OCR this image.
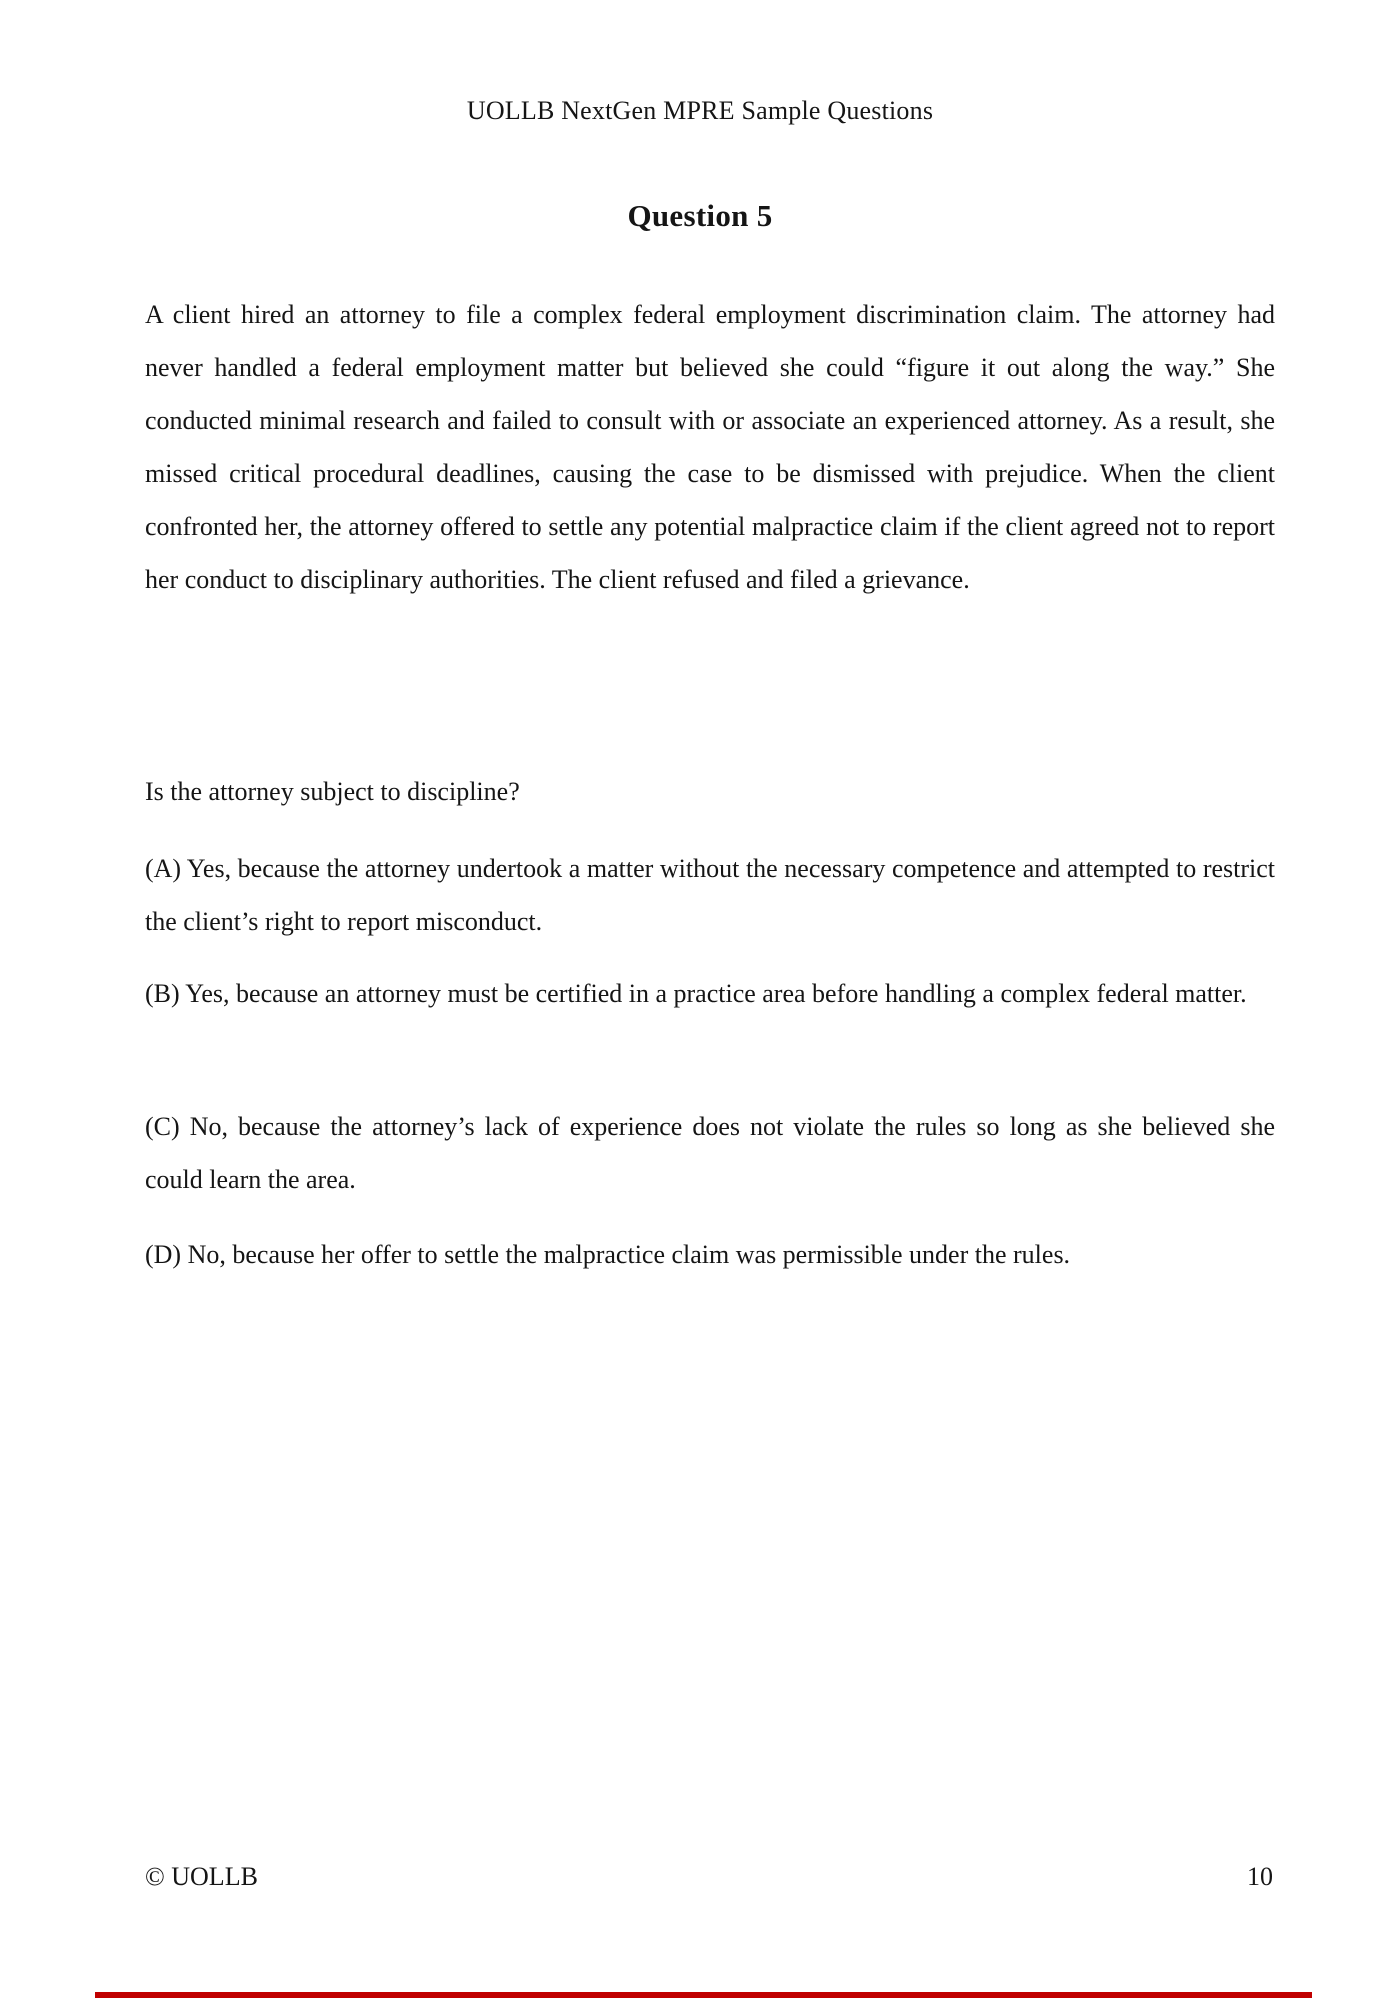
UOLLB NextGen MPRE Sample Questions
Question 5
A client hired an attorney to file a complex federal employment discrimination claim. The attorney had never handled a federal employment matter but believed she could “figure it out along the way.” She conducted minimal research and failed to consult with or associate an experienced attorney. As a result, she missed critical procedural deadlines, causing the case to be dismissed with prejudice. When the client confronted her, the attorney offered to settle any potential malpractice claim if the client agreed not to report her conduct to disciplinary authorities. The client refused and filed a grievance.
Is the attorney subject to discipline?
(A) Yes, because the attorney undertook a matter without the necessary competence and attempted to restrict the client’s right to report misconduct.
(B) Yes, because an attorney must be certified in a practice area before handling a complex federal matter.
(C) No, because the attorney’s lack of experience does not violate the rules so long as she believed she could learn the area.
(D) No, because her offer to settle the malpractice claim was permissible under the rules.
© UOLLB	10
